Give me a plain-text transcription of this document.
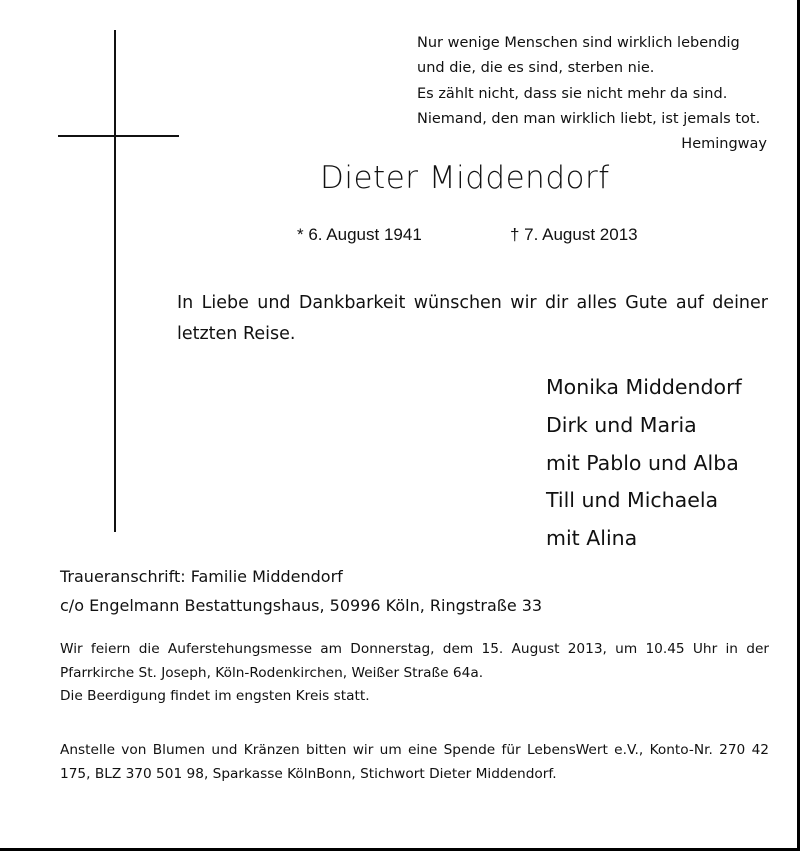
Nur wenige Menschen sind wirklich lebendig
und die, die es sind, sterben nie.
Es zählt nicht, dass sie nicht mehr da sind.
Niemand, den man wirklich liebt, ist jemals tot.
Hemingway
Dieter Middendorf
* 6. August 1941	† 7. August 2013
In Liebe und Dankbarkeit wünschen wir dir alles Gute auf deiner letzten Reise.
Monika Middendorf
Dirk und Maria
mit Pablo und Alba
Till und Michaela
mit Alina
Traueranschrift: Familie Middendorf
c/o Engelmann Bestattungshaus, 50996 Köln, Ringstraße 33
Wir feiern die Auferstehungsmesse am Donnerstag, dem 15. August 2013, um 10.45 Uhr in der Pfarrkirche St. Joseph, Köln-Rodenkirchen, Weißer Straße 64a.
Die Beerdigung findet im engsten Kreis statt.
Anstelle von Blumen und Kränzen bitten wir um eine Spende für LebensWert e.V., Konto-Nr. 270 42 175, BLZ 370 501 98, Sparkasse KölnBonn, Stichwort Dieter Middendorf.
